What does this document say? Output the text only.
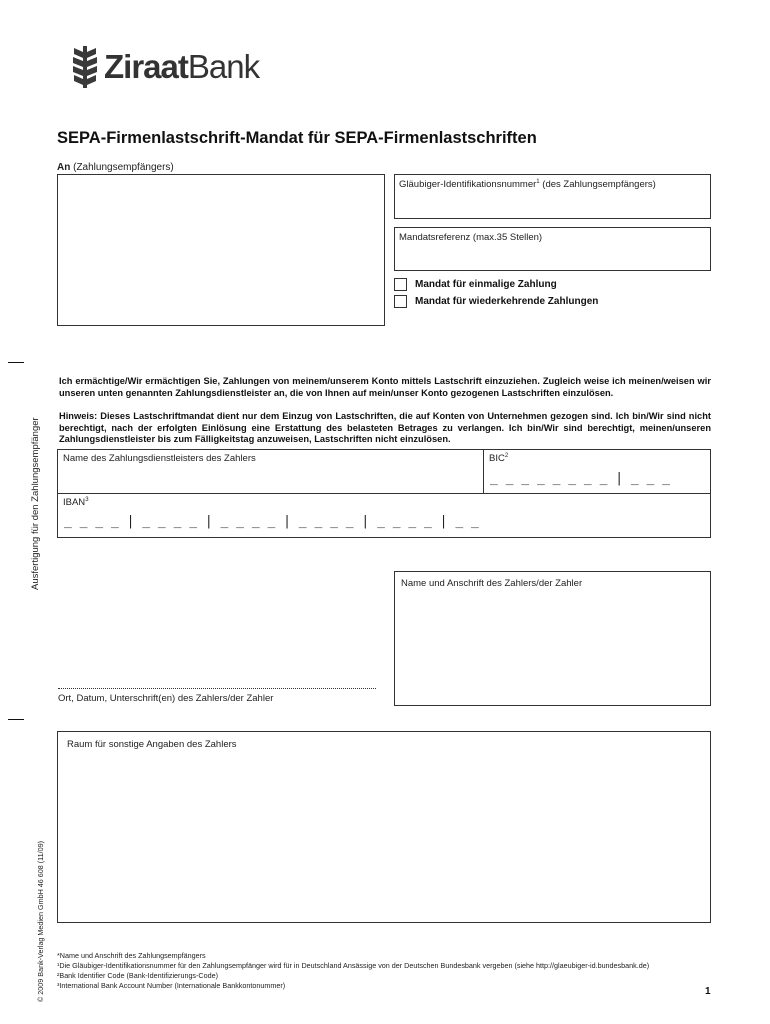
ZiraatBank
SEPA-Firmenlastschrift-Mandat für SEPA-Firmenlastschriften
An (Zahlungsempfängers)
Gläubiger-Identifikationsnummer$^1$ (des Zahlungsempfängers)
Mandatsreferenz (max.35 Stellen)
Mandat für einmalige Zahlung
Mandat für wiederkehrende Zahlungen
Ausfertigung für den Zahlungsempfänger
© 2009 Bank-Verlag Medien GmbH 46 608 (11/09)
Ich ermächtige/Wir ermächtigen Sie, Zahlungen von meinem/unserem Konto mittels Lastschrift einzuziehen. Zugleich weise ich meinen/weisen wir unseren unten genannten Zahlungsdienstleister an, die von Ihnen auf mein/unser Konto gezogenen Lastschriften einzulösen.
Hinweis: Dieses Lastschriftmandat dient nur dem Einzug von Lastschriften, die auf Konten von Unternehmen gezogen sind. Ich bin/Wir sind nicht berechtigt, nach der erfolgten Einlösung eine Erstattung des belasteten Betrages zu verlangen. Ich bin/Wir sind berechtigt, meinen/unseren Zahlungsdienstleister bis zum Fälligkeitstag anzuweisen, Lastschriften nicht einzulösen.
Name des Zahlungsdienstleisters des Zahlers	BIC$^2$
_ _ _ _ _ _ _ _ | _ _ _
IBAN$^3$
_ _ _ _ | _ _ _ _ | _ _ _ _ | _ _ _ _ | _ _ _ _ | _ _
Name und Anschrift des Zahlers/der Zahler
Ort, Datum, Unterschrift(en) des Zahlers/der Zahler
Raum für sonstige Angaben des Zahlers
*Name und Anschrift des Zahlungsempfängers
¹Die Gläubiger-Identifikationsnummer für den Zahlungsempfänger wird für in Deutschland Ansässige von der Deutschen Bundesbank vergeben (siehe http://glaeubiger-id.bundesbank.de)
²Bank Identifier Code (Bank-Identifizierungs-Code)
³International Bank Account Number (Internationale Bankkontonummer)
1
